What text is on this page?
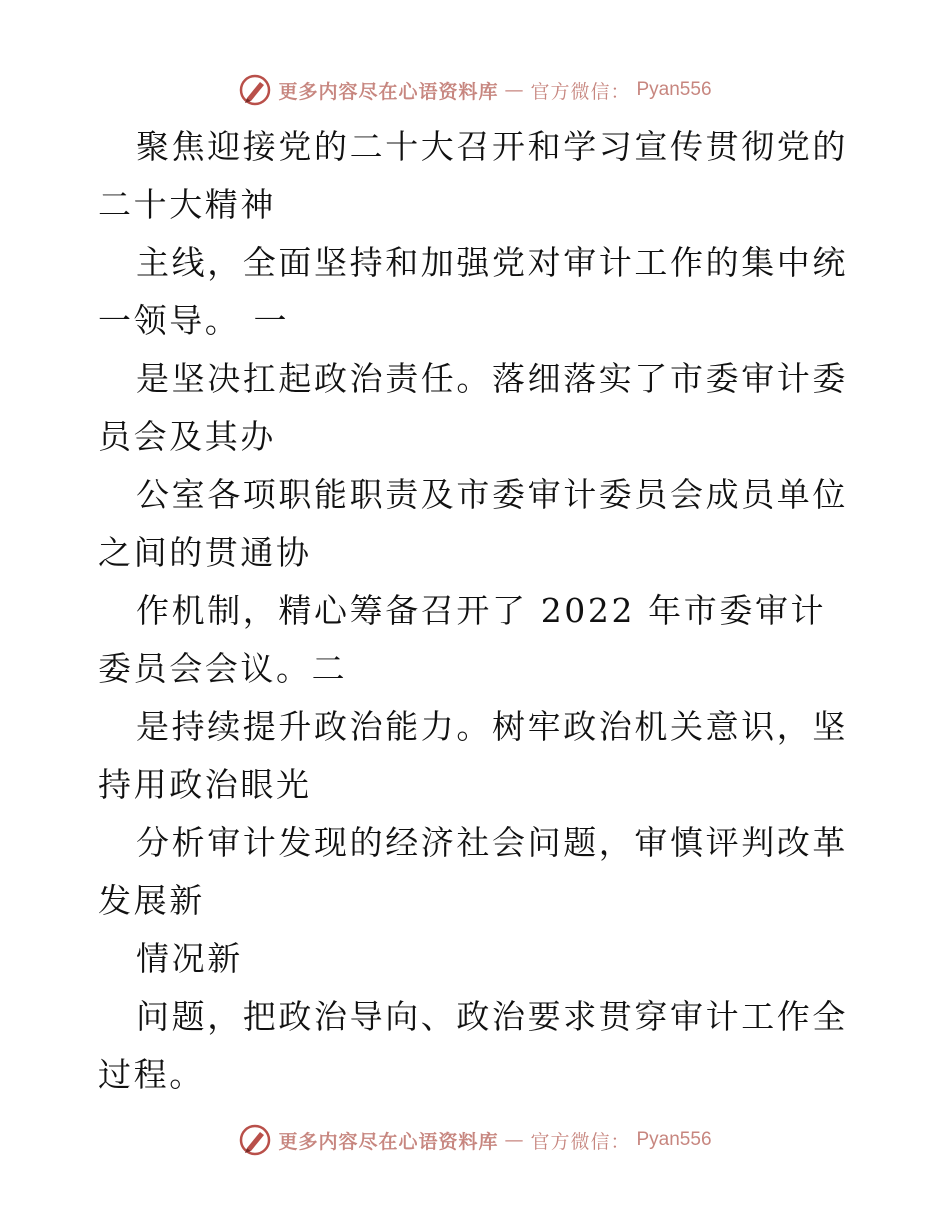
更多内容尽在心语资料库 — 官方微信： Pyan556

聚焦迎接党的二十大召开和学习宣传贯彻党的二十大精神

主线，全面坚持和加强党对审计工作的集中统一领导。 一

是坚决扛起政治责任。落细落实了市委审计委员会及其办

公室各项职能职责及市委审计委员会成员单位之间的贯通协

作机制，精心筹备召开了 2022 年市委审计委员会会议。二

是持续提升政治能力。树牢政治机关意识，坚持用政治眼光

分析审计发现的经济社会问题，审慎评判改革发展新

情况新

问题，把政治导向、政治要求贯穿审计工作全过程。

更多内容尽在心语资料库 — 官方微信： Pyan556
